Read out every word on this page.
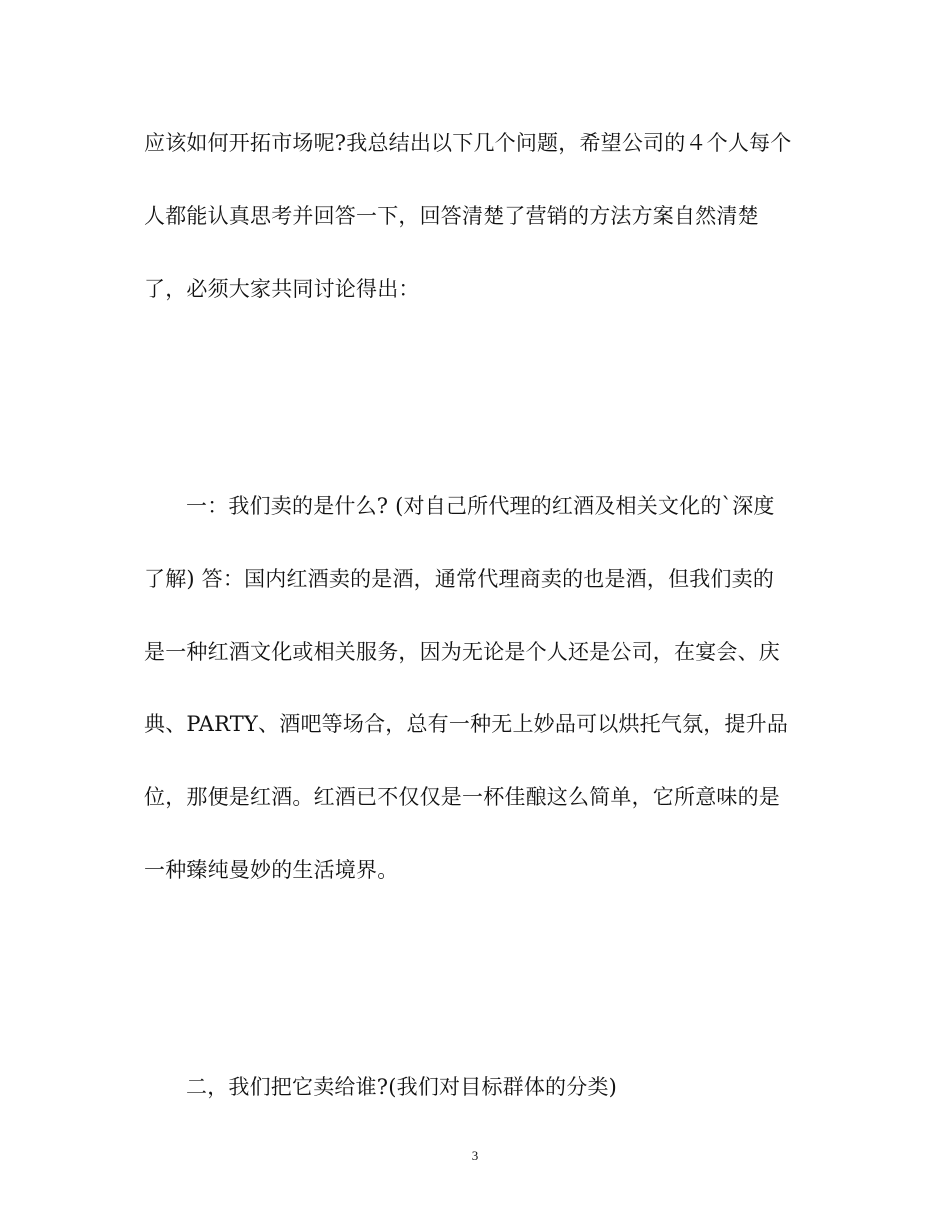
应该如何开拓市场呢?我总结出以下几个问题，希望公司的４个人每个
人都能认真思考并回答一下，回答清楚了营销的方法方案自然清楚
了，必须大家共同讨论得出：
一：我们卖的是什么? (对自己所代理的红酒及相关文化的`深度
了解) 答：国内红酒卖的是酒，通常代理商卖的也是酒，但我们卖的
是一种红酒文化或相关服务，因为无论是个人还是公司，在宴会、庆
典、PARTY、酒吧等场合，总有一种无上妙品可以烘托气氛，提升品
位，那便是红酒。红酒已不仅仅是一杯佳酿这么简单，它所意味的是
一种臻纯曼妙的生活境界。
二，我们把它卖给谁?(我们对目标群体的分类)
3
